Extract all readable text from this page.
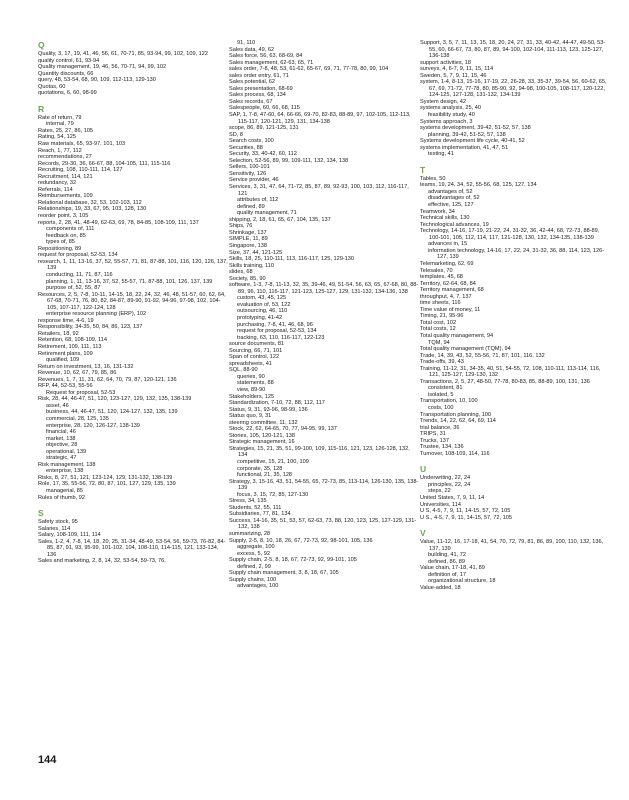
Q
Quality, 3, 17, 19, 41, 46, 56, 61, 70-71, 85, 93-94, 99, 102, 109, 122
quality control, 61, 93-94
Quality management, 19, 46, 56, 70-71, 94, 99, 102
Quantity discounts, 66
query, 48, 53-54, 68, 90, 109, 112-113, 129-130
Quotas, 60
quotations, 6, 60, 98-99
R
Rate of return, 79
internal, 79
Rates, 25, 27, 86, 105
Rating, 54, 125
Raw materials, 65, 93-97, 101, 103
Reach, 1, 77, 112
recommendations, 27
Records, 29-30, 36, 66-67, 88, 104-105, 111, 115-116
Recruiting, 108, 110-111, 114, 127
Recruitment, 114, 121
redundancy, 32
Referrals, 114
Reimbursements, 109
Relational database, 32, 53, 102-103, 112
Relationships, 19, 33, 67, 95, 103, 128, 130
reorder point, 3, 105
reports, 2, 28, 41, 48-49, 62-63, 69, 78, 84-85, 108-109, 111, 137
components of, 111
feedback on, 85
types of, 85
Repositioning, 89
request for proposal, 52-53, 134
research, 1, 11, 13-16, 37, 52, 55-57, 71, 81, 87-88, 101, 116, 120, 126, 137, 139
conducting, 11, 71, 87, 116
planning, 1, 11, 13-16, 37, 52, 55-57, 71, 87-88, 101, 126, 137, 139
purpose of, 52, 55, 87
Resources, 2, 5, 7-8, 10-11, 14-15, 18, 22, 24, 32, 46, 48, 51-57, 60, 62, 64, 67-68, 70-71, 76, 80, 82, 84-87, 89-90, 91-92, 94-96, 97-98, 102, 104-105, 107-117, 122-124, 128
enterprise resource planning (ERP), 102
response time, 4-6, 19
Responsibility, 34-35, 50, 84, 86, 123, 137
Retailers, 18, 92
Retention, 68, 108-109, 114
Retirement, 109, 111, 113
Retirement plans, 109
qualified, 109
Return on investment, 13, 16, 131-132
Revenue, 10, 62, 67, 79, 85, 86
Revenues, 1, 7, 11, 31, 62, 64, 70, 79, 87, 120-121, 136
RFP, 44, 52-53, 55-56
Request for proposal, 52-53
Risk, 28, 44, 46-47, 51, 120, 123-127, 129, 132, 135, 138-139
asset, 46
business, 44, 46-47, 51, 120, 124-127, 132, 135, 139
commercial, 28, 125, 135
enterprise, 28, 120, 126-127, 138-139
financial, 46
market, 138
objective, 28
operational, 139
strategic, 47
Risk management, 138
enterprise, 138
Risks, 8, 27, 51, 121, 123-124, 129, 131-132, 138-139
Role, 17, 35, 55-56, 72, 80, 87, 101, 127, 129, 135, 139
managerial, 85
Rules of thumb, 92
S
Safety stock, 95
Salaries, 114
Salary, 108-109, 111, 114
Sales, 1-2, 4, 7-8, 14, 18, 20, 25, 31-34, 48-49, 53-54, 56, 59-73, 76-82, 84-85, 87, 91, 93, 95-99, 101-102, 104, 108-110, 114-115, 121, 133-134, 136
Sales and marketing, 2, 8, 14, 32, 53-54, 59-73, 76,
91, 110
Sales data, 49, 62
Sales force, 56, 63, 68-69, 84
Sales management, 62-63, 65, 71
sales order, 7-8, 48, 53, 61-62, 65-67, 69, 71, 77-78, 80, 99, 104
sales order entry, 61, 71
Sales potential, 62
Sales presentation, 68-69
Sales process, 68, 134
Sales records, 67
Salespeople, 60, 66, 68, 115
SAP, 1, 7-8, 47-60, 64, 66-66, 69-70, 82-83, 88-89, 97, 102-105, 112-113, 115-117, 120-121, 129, 131, 134-138
scope, 86, 89, 121-125, 131
SD, 8
Search costs, 100
Securities, 88
Security, 33, 40-42, 60, 112
Selection, 52-56, 89, 99, 109-111, 132, 134, 138
Sellers, 100-101
Sensitivity, 126
Service provider, 46
Services, 3, 31, 47, 64, 71-72, 85, 87, 89, 92-93, 100, 103, 112, 116-117, 121
attributes of, 112
defined, 89
quality management, 71
shipping, 2, 18, 61, 65, 67, 104, 135, 137
Ships, 76
Shrinkage, 137
SIMPLE, 11, 89
Singapore, 138
Size, 37, 44, 121-125
Skills, 18, 25, 110-111, 113, 116-117, 125, 129-130
Skills training, 110
slides, 68
Society, 85, 90
software, 1-3, 7-8, 11-13, 32, 35, 39-46, 49, 51-54, 56, 63, 65, 67-68, 80, 88-89, 96, 110, 116-117, 121-123, 125-127, 129, 131-132, 134-136, 138
custom, 43, 45, 125
evaluation of, 53, 122
outsourcing, 46, 110
prototyping, 41-42
purchasing, 7-8, 41, 46, 68, 96
request for proposal, 52-53, 134
tracking, 63, 110, 116-117, 122-123
source documents, 81
Sourcing, 66, 71, 101
Span of control, 122
spreadsheets, 41
SQL, 88-90
queries, 90
statements, 88
view, 89-90
Stakeholders, 125
Standardization, 7-10, 72, 88, 112, 117
Status, 9, 31, 93-96, 98-99, 136
Status quo, 9, 31
steering committee, 11, 132
Stock, 22, 62, 64-65, 70, 77, 94-95, 99, 137
Stories, 105, 120-121, 138
Strategic management, 16
Strategies, 15, 21, 35, 51, 99-100, 109, 115-116, 121, 123, 126-128, 132, 134
competitive, 15, 21, 100, 109
corporate, 35, 128
functional, 21, 35, 128
Strategy, 3, 15-16, 43, 51, 54-55, 65, 72-73, 85, 113-114, 126-130, 135, 138-139
focus, 3, 15, 72, 85, 127-130
Stress, 34, 135
Students, 52, 55, 111
Subsidiaries, 77, 81, 134
Success, 14-16, 35, 51, 53, 57, 62-63, 73, 88, 120, 123, 125, 127-129, 131-132, 138
summarizing, 28
Supply, 2-5, 8, 10, 18, 26, 67, 72-73, 92, 98-101, 105, 136
aggregate, 100
excess, 5, 92
Supply chain, 2-5, 8, 18, 67, 72-73, 92, 99-101, 105
defined, 2, 99
Supply chain management, 3, 8, 18, 67, 105
Supply chains, 100
advantages, 100
Support, 3, 5, 7, 11, 13, 15, 18, 20, 24, 27, 31, 33, 40-42, 44-47, 49-50, 53-55, 60, 66-67, 73, 80, 87, 89, 94-100, 102-104, 111-113, 123, 125-127, 136-138
support activities, 18
surveys, 4, 6-7, 9, 11, 15, 114
Sweden, 5, 7, 9, 11, 15, 46
system, 1-4, 8-13, 15-16, 17-19, 22, 26-28, 33, 35-37, 39-54, 56, 60-62, 65, 67, 69, 71-72, 77-78, 80, 85-90, 92, 94-98, 100-105, 108-117, 120-122, 124-125, 127-128, 131-132, 134-139
System design, 42
systems analysis, 25, 40
feasibility study, 40
Systems approach, 3
systems development, 39-42, 51-52, 57, 138
planning, 39-42, 51-52, 57, 138
Systems development life cycle, 40-41, 52
systems implementation, 41, 47, 51
testing, 41
T
Tables, 50
teams, 19, 24, 34, 52, 55-56, 68, 125, 127, 134
advantages of, 52
disadvantages of, 52
effective, 125, 127
Teamwork, 34
Technical skills, 130
Technological advances, 19
Technology, 14-16, 17-19, 21-22, 24, 31-32, 36, 42-44, 68, 72-73, 88-89, 100-101, 105, 112, 114, 117, 121-128, 130, 132, 134-135, 138-139
advances in, 15
information technology, 14-16, 17, 22, 24, 31-32, 36, 88, 114, 123, 126-127, 139
Telemarketing, 62, 69
Telesales, 70
templates, 45, 68
Territory, 62-64, 68, 84
Territory management, 68
throughput, 4, 7, 137
time sheets, 116
Time value of money, 11
Timing, 21, 95-96
Total cost, 102
Total costs, 12
Total quality management, 94
TQM, 94
Total quality management (TQM), 94
Trade, 14, 39, 43, 52, 55-56, 71, 87, 101, 116, 132
Trade-offs, 39, 43
Training, 11-12, 31, 34-35, 40, 51, 54-55, 72, 108, 110-111, 113-114, 116, 121, 125-127, 129-130, 132
Transactions, 2, 5, 27, 48-50, 77-78, 80-83, 85, 88-89, 100, 131, 136
consistent, 81
isolated, 5
Transportation, 10, 100
costs, 100
Transportation planning, 100
Trends, 14, 22, 62, 64, 69, 114
trial balance, 36
TRIPS, 31
Trucks, 137
Trustee, 134, 136
Turnover, 108-109, 114, 116
U
Underwriting, 22, 24
principles, 22, 24
steps, 22
United States, 7, 9, 11, 14
Universities, 114
U S, 4-5, 7, 9, 11, 14-15, 57, 72, 105
U S., 4-5, 7, 9, 11, 14-15, 57, 72, 105
V
Value, 11-12, 16, 17-18, 41, 54, 70, 72, 79, 81, 86, 89, 100, 110, 132, 136, 137, 139
building, 41, 72
defined, 86, 89
Value chain, 17-18, 41, 89
definition of, 17
organizational structure, 18
Value-added, 18
144
